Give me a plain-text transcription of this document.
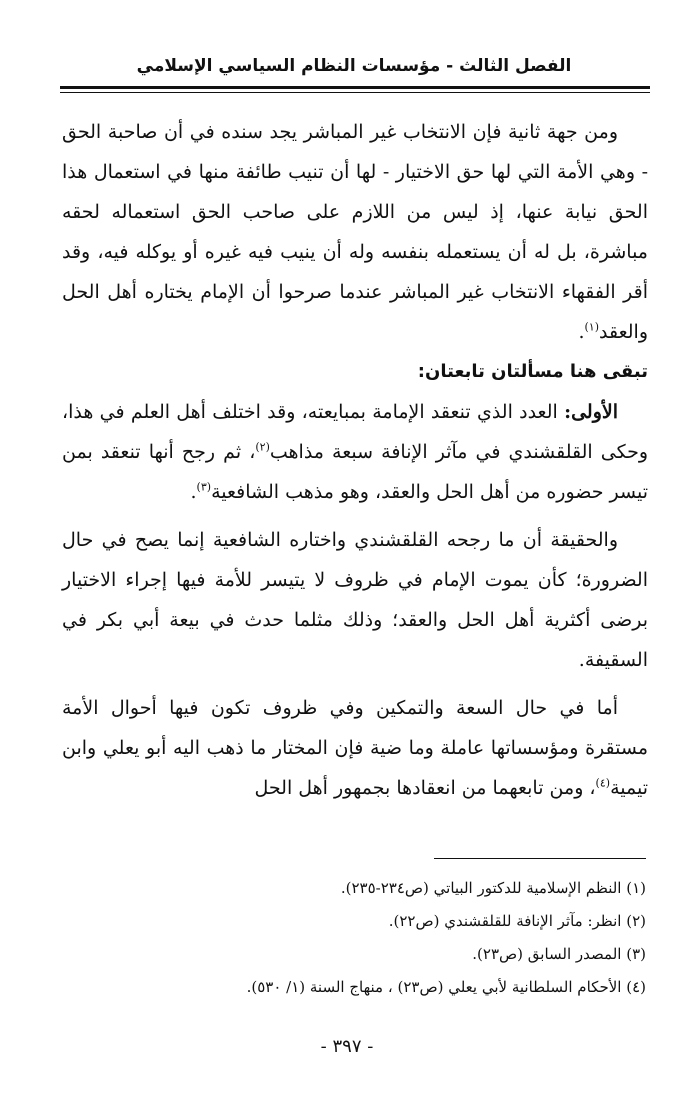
الفصل الثالث - مؤسسات النظام السياسي الإسلامي

ومن جهة ثانية فإن الانتخاب غير المباشر يجد سنده في أن صاحبة الحق - وهي الأمة التي لها حق الاختيار - لها أن تنيب طائفة منها في استعمال هذا الحق نيابة عنها، إذ ليس من اللازم على صاحب الحق استعماله لحقه مباشرة، بل له أن يستعمله بنفسه وله أن ينيب فيه غيره أو يوكله فيه، وقد أقر الفقهاء الانتخاب غير المباشر عندما صرحوا أن الإمام يختاره أهل الحل والعقد$^{(١)}$.

تبقى هنا مسألتان تابعتان:

الأولى: العدد الذي تنعقد الإمامة بمبايعته، وقد اختلف أهل العلم في هذا، وحكى القلقشندي في مآثر الإنافة سبعة مذاهب$^{(٢)}$، ثم رجح أنها تنعقد بمن تيسر حضوره من أهل الحل والعقد، وهو مذهب الشافعية$^{(٣)}$.

والحقيقة أن ما رجحه القلقشندي واختاره الشافعية إنما يصح في حال الضرورة؛ كأن يموت الإمام في ظروف لا يتيسر للأمة فيها إجراء الاختيار برضى أكثرية أهل الحل والعقد؛ وذلك مثلما حدث في بيعة أبي بكر في السقيفة.

أما في حال السعة والتمكين وفي ظروف تكون فيها أحوال الأمة مستقرة ومؤسساتها عاملة وما ضية فإن المختار ما ذهب اليه أبو يعلي وابن تيمية$^{(٤)}$، ومن تابعهما من انعقادها بجمهور أهل الحل

(١) النظم الإسلامية للدكتور البياتي (ص٢٣٤-٢٣٥).

(٢) انظر: مآثر الإنافة للقلقشندي (ص٢٢).

(٣) المصدر السابق (ص٢٣).

(٤) الأحكام السلطانية لأبي يعلي (ص٢٣) ، منهاج السنة (١/ ٥٣٠).

- ٣٩٧ -
